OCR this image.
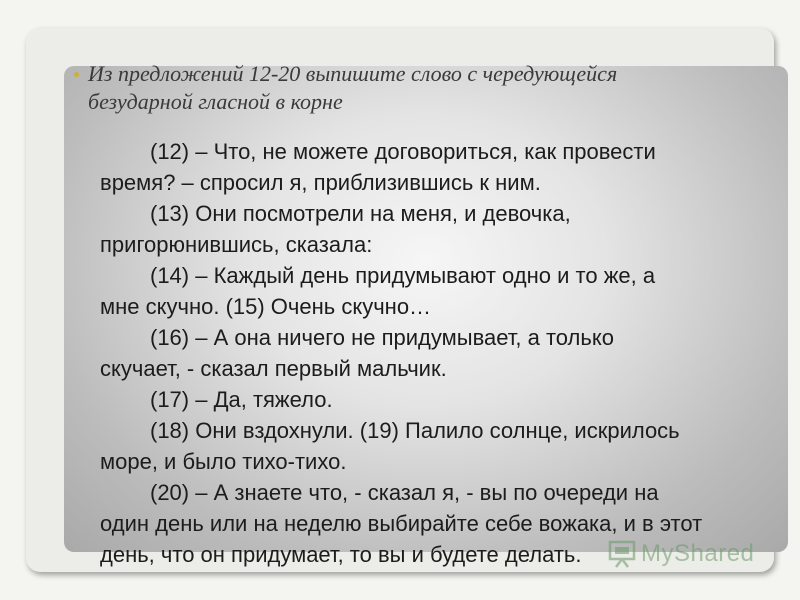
Из предложений 12-20 выпишите слово с чередующейся
безударной гласной в корне
(12) – Что, не можете договориться, как провести
время? – спросил я, приблизившись к ним.
(13) Они посмотрели на меня, и девочка,
пригорюнившись, сказала:
(14) – Каждый день придумывают одно и то же, а
мне скучно. (15) Очень скучно…
(16) – А она ничего не придумывает, а только
скучает, - сказал первый мальчик.
(17) – Да, тяжело.
(18) Они вздохнули. (19) Палило солнце, искрилось
море, и было тихо-тихо.
(20) – А знаете что, - сказал я, - вы по очереди на
один день или на неделю выбирайте себе вожака, и в этот
день, что он придумает, то вы и будете делать.	MyShared
